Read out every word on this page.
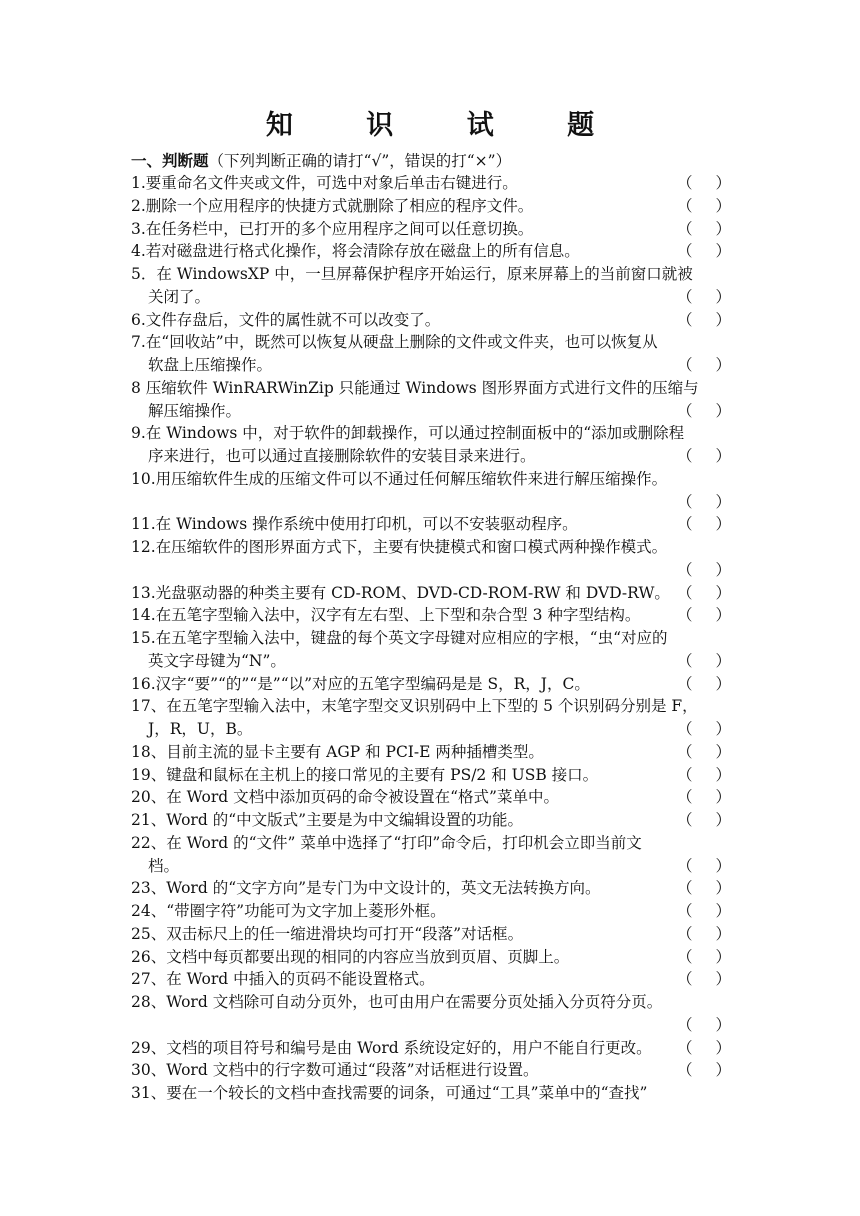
知 识 试 题
一、判断题（下列判断正确的请打“√”，错误的打“×”）
1.要重命名文件夹或文件，可选中对象后单击右键进行。	（ ）
2.删除一个应用程序的快捷方式就删除了相应的程序文件。	（ ）
3.在任务栏中，已打开的多个应用程序之间可以任意切换。	（ ）
4.若对磁盘进行格式化操作，将会清除存放在磁盘上的所有信息。	（ ）
5．在 WindowsXP 中，一旦屏幕保护程序开始运行，原来屏幕上的当前窗口就被
关闭了。	（ ）
6.文件存盘后，文件的属性就不可以改变了。	（ ）
7.在“回收站”中，既然可以恢复从硬盘上删除的文件或文件夹，也可以恢复从
软盘上压缩操作。	（ ）
8 压缩软件 WinRARWinZip 只能通过 Windows 图形界面方式进行文件的压缩与
解压缩操作。	（ ）
9.在 Windows 中，对于软件的卸载操作，可以通过控制面板中的“添加或删除程
序来进行，也可以通过直接删除软件的安装目录来进行。	（ ）
10.用压缩软件生成的压缩文件可以不通过任何解压缩软件来进行解压缩操作。
（ ）
11.在 Windows 操作系统中使用打印机，可以不安装驱动程序。	（ ）
12.在压缩软件的图形界面方式下，主要有快捷模式和窗口模式两种操作模式。
（ ）
13.光盘驱动器的种类主要有 CD-ROM、DVD-CD-ROM-RW 和 DVD-RW。 （ ）
14.在五笔字型输入法中，汉字有左右型、上下型和杂合型 3 种字型结构。	（ ）
15.在五笔字型输入法中，键盘的每个英文字母键对应相应的字根，“虫“对应的
英文字母键为“N”。	（ ）
16.汉字“要”“的”“是”“以”对应的五笔字型编码是是 S，R，J，C。	（ ）
17、在五笔字型输入法中，末笔字型交叉识别码中上下型的 5 个识别码分别是 F，
J，R，U，B。	（ ）
18、目前主流的显卡主要有 AGP 和 PCI-E 两种插槽类型。	（ ）
19、键盘和鼠标在主机上的接口常见的主要有 PS/2 和 USB 接口。	（ ）
20、在 Word 文档中添加页码的命令被设置在“格式”菜单中。	（ ）
21、Word 的“中文版式”主要是为中文编辑设置的功能。	（ ）
22、在 Word 的“文件” 菜单中选择了“打印”命令后，打印机会立即当前文
档。	（ ）
23、Word 的“文字方向”是专门为中文设计的，英文无法转换方向。	（ ）
24、“带圈字符”功能可为文字加上菱形外框。	（ ）
25、双击标尺上的任一缩进滑块均可打开“段落”对话框。	（ ）
26、文档中每页都要出现的相同的内容应当放到页眉、页脚上。	（ ）
27、在 Word 中插入的页码不能设置格式。	（ ）
28、Word 文档除可自动分页外，也可由用户在需要分页处插入分页符分页。
（ ）
29、文档的项目符号和编号是由 Word 系统设定好的，用户不能自行更改。	（ ）
30、Word 文档中的行字数可通过“段落”对话框进行设置。	（ ）
31、要在一个较长的文档中查找需要的词条，可通过“工具”菜单中的“查找”
